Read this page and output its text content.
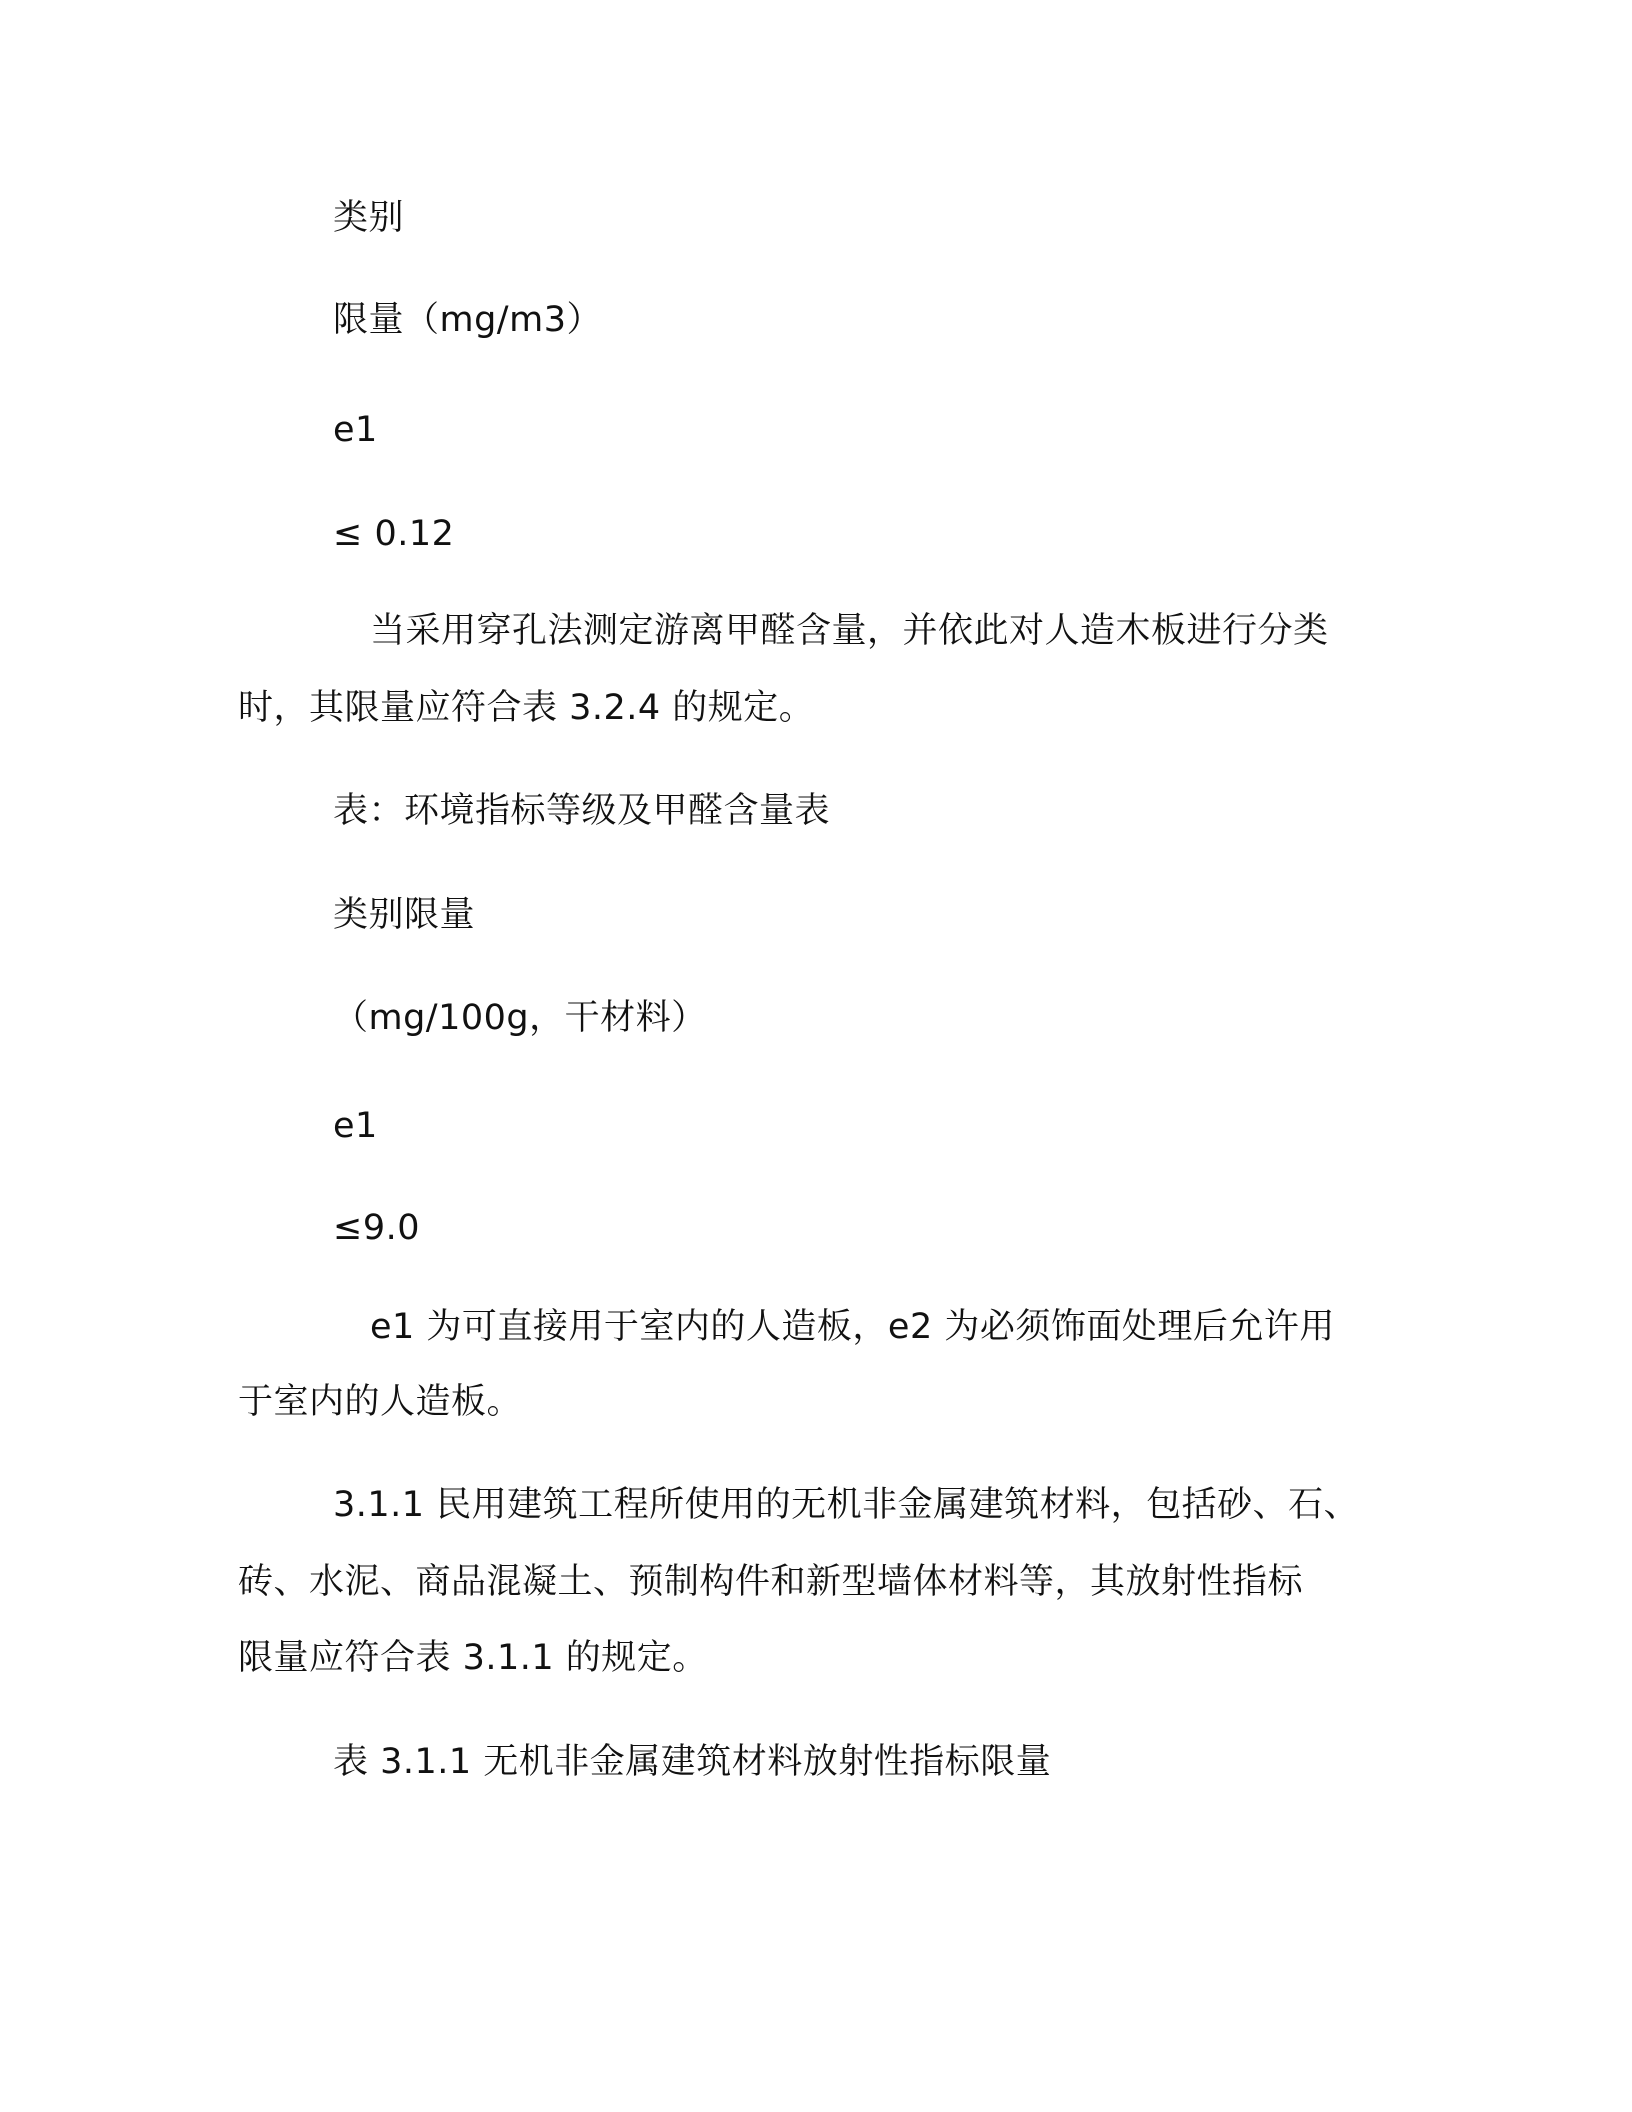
类别
限量（mg/m3）
e1
≤ 0.12
当采用穿孔法测定游离甲醛含量，并依此对人造木板进行分类
时，其限量应符合表 3.2.4 的规定。
表：环境指标等级及甲醛含量表
类别限量
（mg/100g，干材料）
e1
≤9.0
e1 为可直接用于室内的人造板，e2 为必须饰面处理后允许用
于室内的人造板。
3.1.1 民用建筑工程所使用的无机非金属建筑材料，包括砂、石、
砖、水泥、商品混凝土、预制构件和新型墙体材料等，其放射性指标
限量应符合表 3.1.1 的规定。
表 3.1.1 无机非金属建筑材料放射性指标限量
